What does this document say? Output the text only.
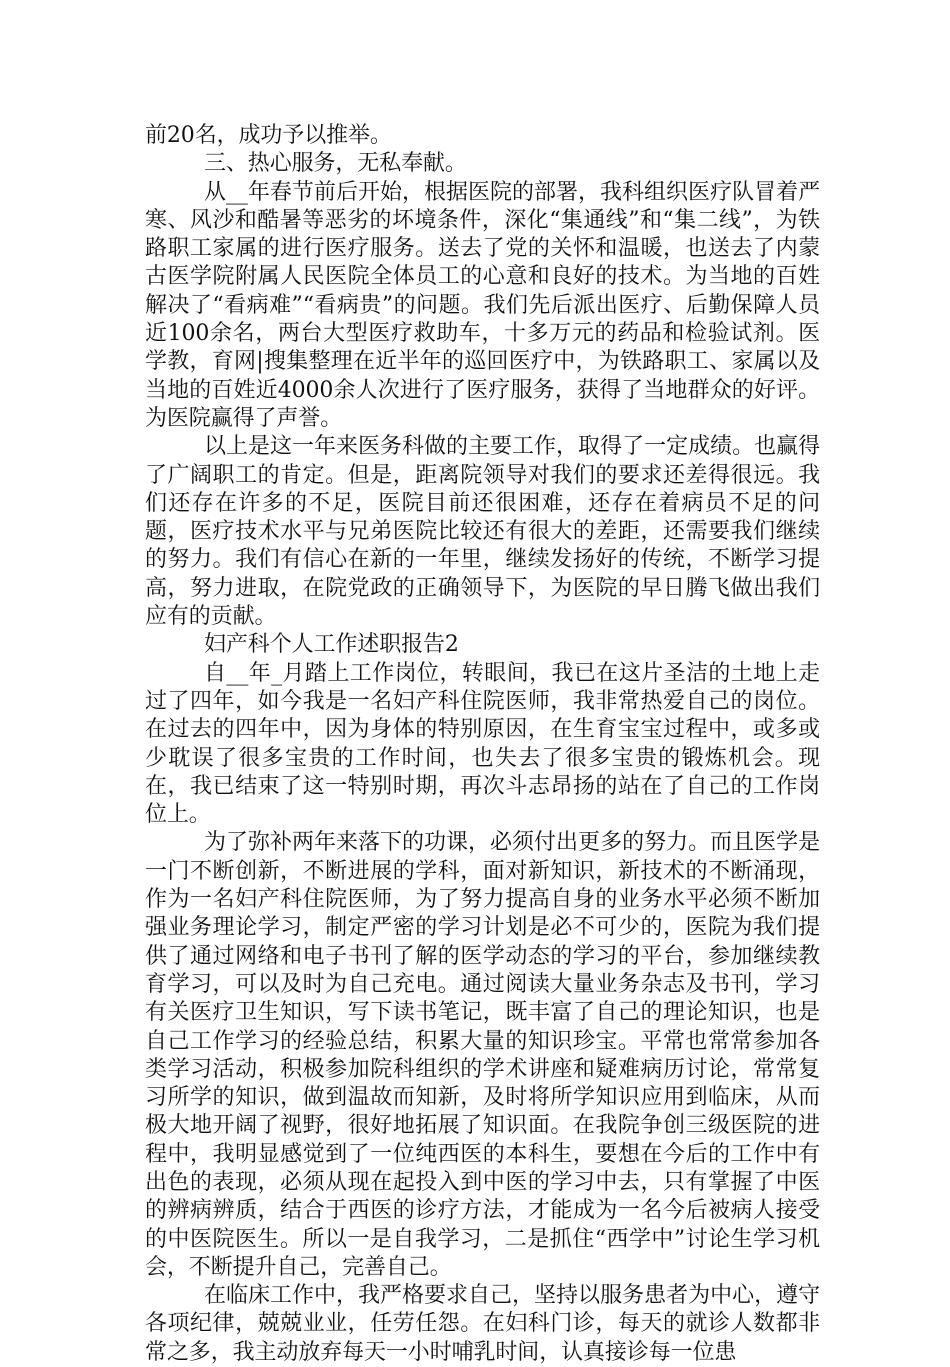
前20名，成功予以推举。

三、热心服务，无私奉献。

从__年春节前后开始，根据医院的部署，我科组织医疗队冒着严寒、风沙和酷暑等恶劣的坏境条件，深化“集通线”和“集二线”，为铁路职工家属的进行医疗服务。送去了党的关怀和温暖，也送去了内蒙古医学院附属人民医院全体员工的心意和良好的技术。为当地的百姓解决了“看病难”“看病贵”的问题。我们先后派出医疗、后勤保障人员近100余名，两台大型医疗救助车，十多万元的药品和检验试剂。医学教，育网|搜集整理在近半年的巡回医疗中，为铁路职工、家属以及当地的百姓近4000余人次进行了医疗服务，获得了当地群众的好评。为医院赢得了声誉。

以上是这一年来医务科做的主要工作，取得了一定成绩。也赢得了广阔职工的肯定。但是，距离院领导对我们的要求还差得很远。我们还存在许多的不足，医院目前还很困难，还存在着病员不足的问题，医疗技术水平与兄弟医院比较还有很大的差距，还需要我们继续的努力。我们有信心在新的一年里，继续发扬好的传统，不断学习提高，努力进取，在院党政的正确领导下，为医院的早日腾飞做出我们应有的贡献。

妇产科个人工作述职报告2

自__年_月踏上工作岗位，转眼间，我已在这片圣洁的土地上走过了四年，如今我是一名妇产科住院医师，我非常热爱自己的岗位。在过去的四年中，因为身体的特别原因，在生育宝宝过程中，或多或少耽误了很多宝贵的工作时间，也失去了很多宝贵的锻炼机会。现在，我已结束了这一特别时期，再次斗志昂扬的站在了自己的工作岗位上。

为了弥补两年来落下的功课，必须付出更多的努力。而且医学是一门不断创新，不断进展的学科，面对新知识，新技术的不断涌现，作为一名妇产科住院医师，为了努力提高自身的业务水平必须不断加强业务理论学习，制定严密的学习计划是必不可少的，医院为我们提供了通过网络和电子书刊了解的医学动态的学习的平台，参加继续教育学习，可以及时为自己充电。通过阅读大量业务杂志及书刊，学习有关医疗卫生知识，写下读书笔记，既丰富了自己的理论知识，也是自己工作学习的经验总结，积累大量的知识珍宝。平常也常常参加各类学习活动，积极参加院科组织的学术讲座和疑难病历讨论，常常复习所学的知识，做到温故而知新，及时将所学知识应用到临床，从而极大地开阔了视野，很好地拓展了知识面。在我院争创三级医院的进程中，我明显感觉到了一位纯西医的本科生，要想在今后的工作中有出色的表现，必须从现在起投入到中医的学习中去，只有掌握了中医的辨病辨质，结合于西医的诊疗方法，才能成为一名今后被病人接受的中医院医生。所以一是自我学习，二是抓住“西学中”讨论生学习机会，不断提升自己，完善自己。

在临床工作中，我严格要求自己，坚持以服务患者为中心，遵守各项纪律，兢兢业业，任劳任怨。在妇科门诊，每天的就诊人数都非常之多，我主动放弃每天一小时哺乳时间，认真接诊每一位患
